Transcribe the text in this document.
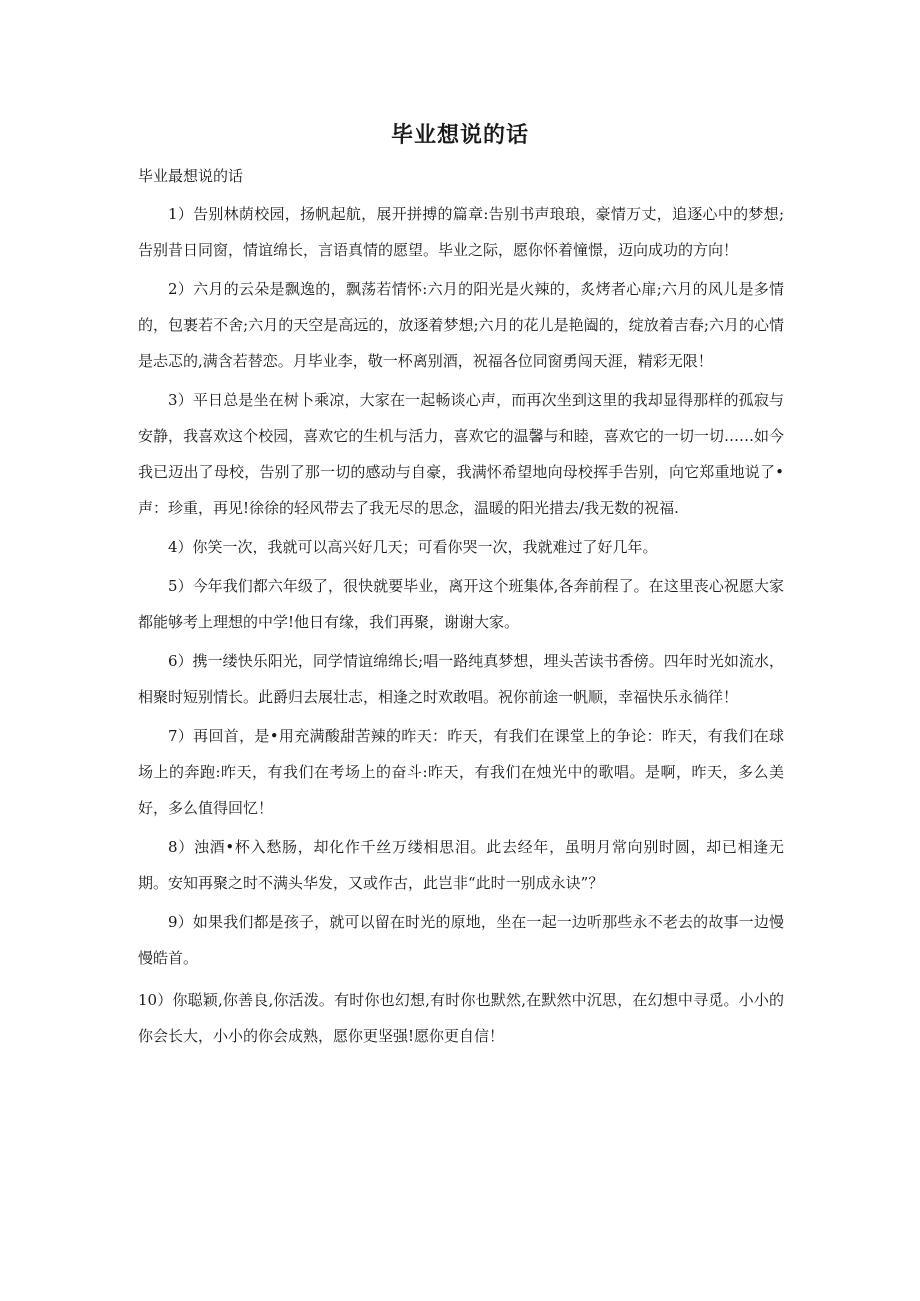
毕业想说的话
毕业最想说的话

1）告别林荫校园，扬帆起航，展开拼搏的篇章:告别书声琅琅，豪情万丈，追逐心中的梦想;告别昔日同窗，情谊绵长，言语真情的愿望。毕业之际，愿你怀着憧憬，迈向成功的方向！

2）六月的云朵是飘逸的，飘荡若情怀:六月的阳光是火辣的，炙烤者心扉;六月的风儿是多情的，包裹若不舍;六月的天空是高远的，放逐着梦想;六月的花儿是艳阖的，绽放着吉春;六月的心情是忐忑的,满含若替恋。月毕业李，敬一杯离别酒，祝福各位同窗勇闯天涯，精彩无限！

3）平日总是坐在树卜乘凉，大家在一起畅谈心声，而再次坐到这里的我却显得那样的孤寂与安静，我喜欢这个校园，喜欢它的生机与活力，喜欢它的温馨与和睦，喜欢它的一切一切……如今我已迈出了母校，告别了那一切的感动与自豪，我满怀希望地向母校挥手告别，向它郑重地说了•声：珍重，再见!徐徐的轻风带去了我无尽的思念，温暖的阳光措去/我无数的祝福.

4）你笑一次，我就可以高兴好几天；可看你哭一次，我就难过了好几年。

5）今年我们都六年级了，很快就要毕业，离开这个班集体,各奔前程了。在这里丧心祝愿大家都能够考上理想的中学!他日有缘，我们再聚，谢谢大家。

6）携一缕快乐阳光，同学情谊绵绵长;唱一路纯真梦想，埋头苦读书香傍。四年时光如流水，相聚时短别情长。此爵归去展壮志，相逢之时欢敢唱。祝你前途一帆顺，幸福快乐永徜徉！

7）再回首，是•用充满酸甜苦辣的昨天：昨天，有我们在课堂上的争论：昨天，有我们在球场上的奔跑:昨天，有我们在考场上的奋斗:昨天，有我们在烛光中的歌唱。是啊，昨天，多么美好，多么值得回忆！

8）浊酒•杯入愁肠，却化作千丝万缕相思泪。此去经年，虽明月常向别时圆，却已相逢无期。安知再聚之时不满头华发，又或作古，此岂非“此时一别成永诀”？

9）如果我们都是孩子，就可以留在时光的原地，坐在一起一边听那些永不老去的故事一边慢慢皓首。

10）你聪颖,你善良,你活泼。有时你也幻想,有时你也默然,在默然中沉思，在幻想中寻觅。小小的你会长大，小小的你会成熟，愿你更坚强!愿你更自信！
